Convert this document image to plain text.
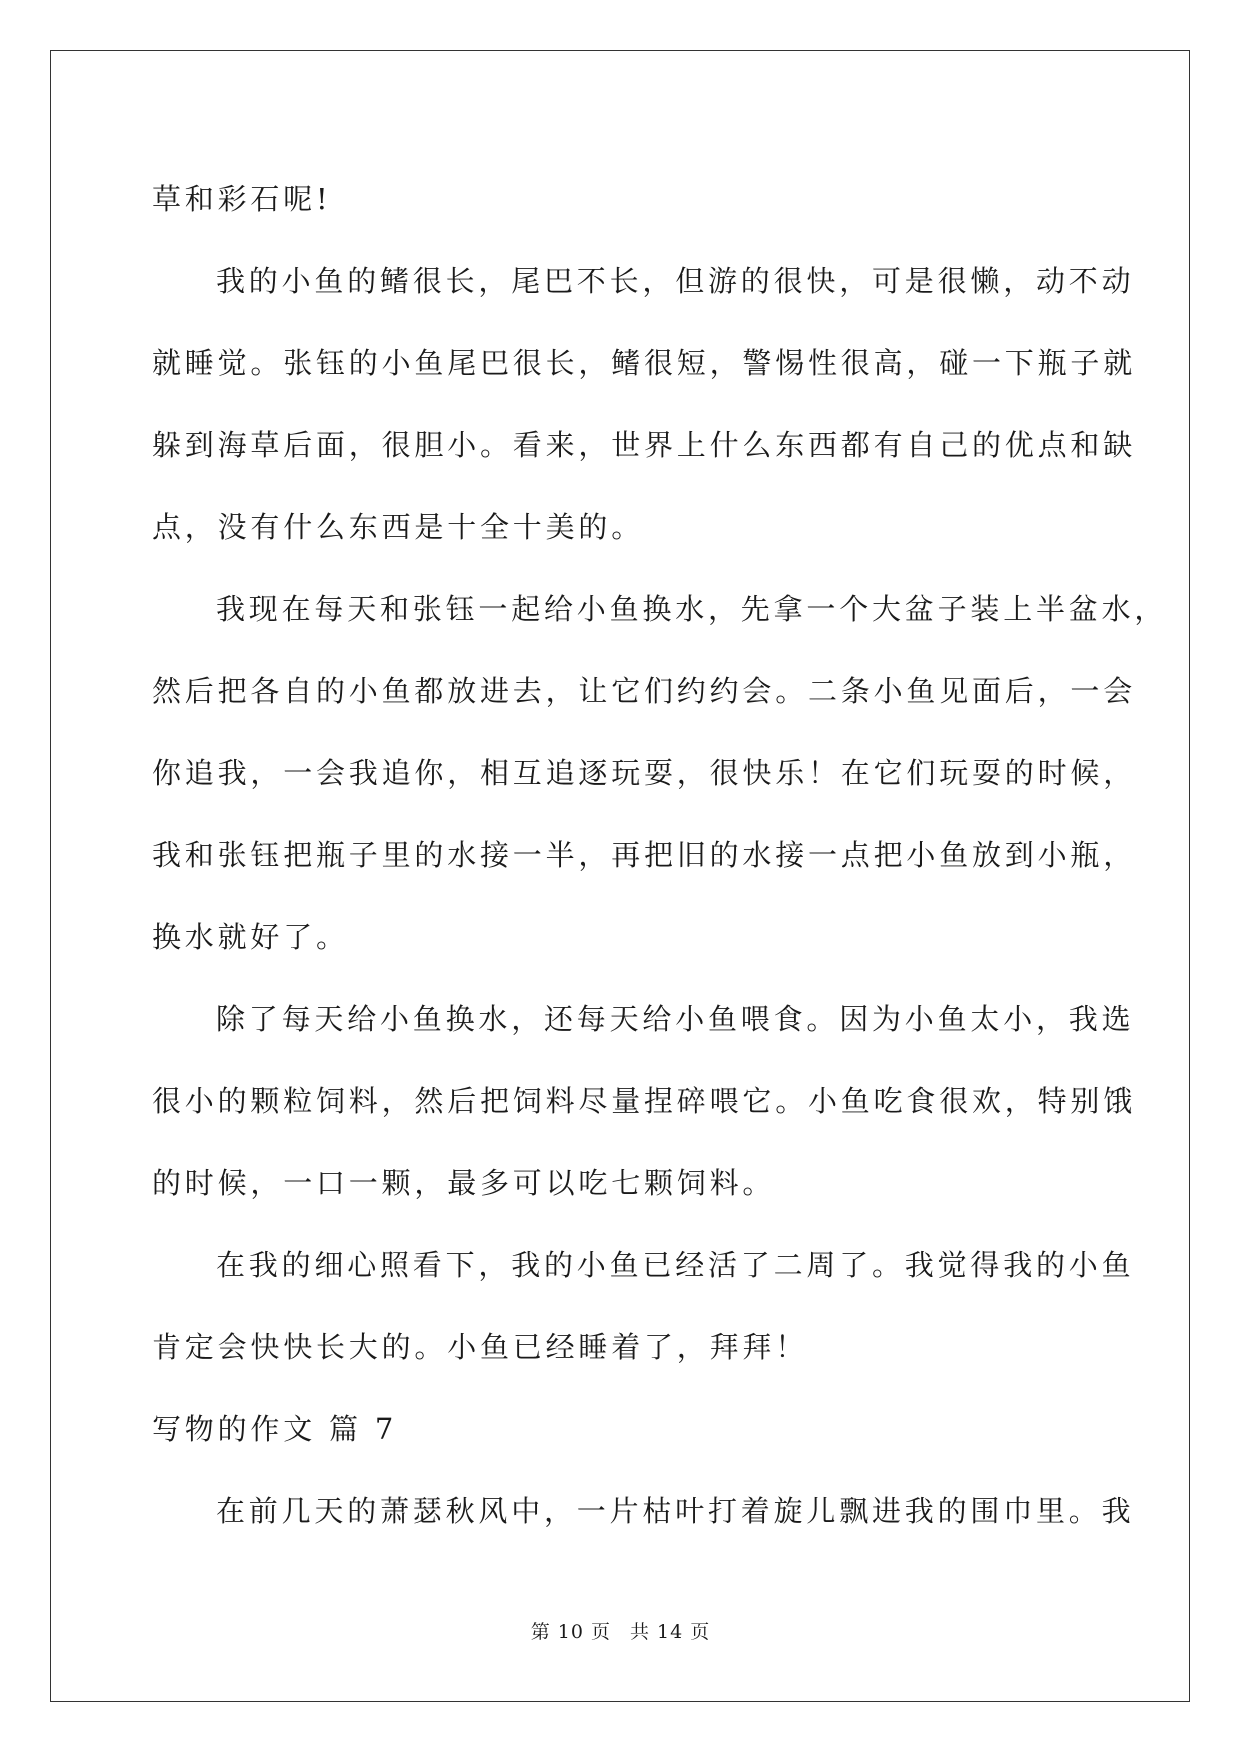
草和彩石呢!
我的小鱼的鳍很长，尾巴不长，但游的很快，可是很懒，动不动
就睡觉。张钰的小鱼尾巴很长，鳍很短，警惕性很高，碰一下瓶子就
躲到海草后面，很胆小。看来，世界上什么东西都有自己的优点和缺
点，没有什么东西是十全十美的。
我现在每天和张钰一起给小鱼换水，先拿一个大盆子装上半盆水，
然后把各自的小鱼都放进去，让它们约约会。二条小鱼见面后，一会
你追我，一会我追你，相互追逐玩耍，很快乐！在它们玩耍的时候，
我和张钰把瓶子里的水接一半，再把旧的水接一点把小鱼放到小瓶，
换水就好了。
除了每天给小鱼换水，还每天给小鱼喂食。因为小鱼太小，我选
很小的颗粒饲料，然后把饲料尽量捏碎喂它。小鱼吃食很欢，特别饿
的时候，一口一颗，最多可以吃七颗饲料。
在我的细心照看下，我的小鱼已经活了二周了。我觉得我的小鱼
肯定会快快长大的。小鱼已经睡着了，拜拜！
写物的作文 篇 7
在前几天的萧瑟秋风中，一片枯叶打着旋儿飘进我的围巾里。我
第 10 页 共 14 页
